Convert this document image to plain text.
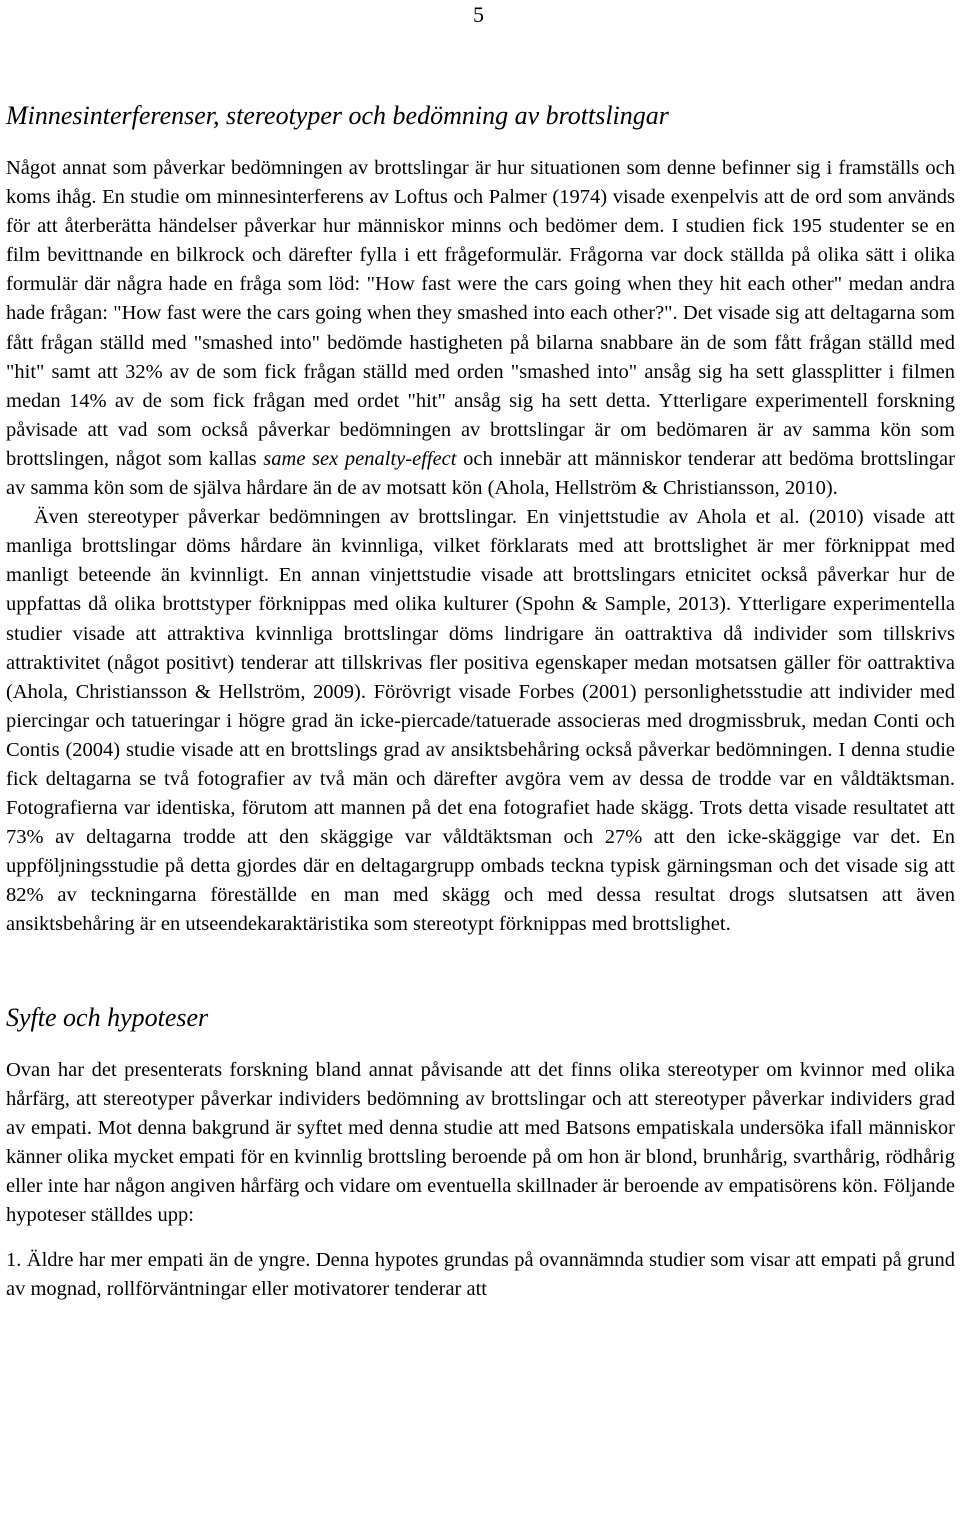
5
Minnesinterferenser, stereotyper och bedömning av brottslingar

Något annat som påverkar bedömningen av brottslingar är hur situationen som denne befinner sig i framställs och koms ihåg. En studie om minnesinterferens av Loftus och Palmer (1974) visade exenpelvis att de ord som används för att återberätta händelser påverkar hur människor minns och bedömer dem. I studien fick 195 studenter se en film bevittnande en bilkrock och därefter fylla i ett frågeformulär. Frågorna var dock ställda på olika sätt i olika formulär där några hade en fråga som löd: "How fast were the cars going when they hit each other" medan andra hade frågan: "How fast were the cars going when they smashed into each other?". Det visade sig att deltagarna som fått frågan ställd med "smashed into" bedömde hastigheten på bilarna snabbare än de som fått frågan ställd med "hit" samt att 32% av de som fick frågan ställd med orden "smashed into" ansåg sig ha sett glassplitter i filmen medan 14% av de som fick frågan med ordet "hit" ansåg sig ha sett detta. Ytterligare experimentell forskning påvisade att vad som också påverkar bedömningen av brottslingar är om bedömaren är av samma kön som brottslingen, något som kallas same sex penalty-effect och innebär att människor tenderar att bedöma brottslingar av samma kön som de själva hårdare än de av motsatt kön (Ahola, Hellström & Christiansson, 2010).

Även stereotyper påverkar bedömningen av brottslingar. En vinjettstudie av Ahola et al. (2010) visade att manliga brottslingar döms hårdare än kvinnliga, vilket förklarats med att brottslighet är mer förknippat med manligt beteende än kvinnligt. En annan vinjettstudie visade att brottslingars etnicitet också påverkar hur de uppfattas då olika brottstyper förknippas med olika kulturer (Spohn & Sample, 2013). Ytterligare experimentella studier visade att attraktiva kvinnliga brottslingar döms lindrigare än oattraktiva då individer som tillskrivs attraktivitet (något positivt) tenderar att tillskrivas fler positiva egenskaper medan motsatsen gäller för oattraktiva (Ahola, Christiansson & Hellström, 2009). Förövrigt visade Forbes (2001) personlighetsstudie att individer med piercingar och tatueringar i högre grad än icke-piercade/tatuerade associeras med drogmissbruk, medan Conti och Contis (2004) studie visade att en brottslings grad av ansiktsbehåring också påverkar bedömningen. I denna studie fick deltagarna se två fotografier av två män och därefter avgöra vem av dessa de trodde var en våldtäktsman. Fotografierna var identiska, förutom att mannen på det ena fotografiet hade skägg. Trots detta visade resultatet att 73% av deltagarna trodde att den skäggige var våldtäktsman och 27% att den icke-skäggige var det. En uppföljningsstudie på detta gjordes där en deltagargrupp ombads teckna typisk gärningsman och det visade sig att 82% av teckningarna föreställde en man med skägg och med dessa resultat drogs slutsatsen att även ansiktsbehåring är en utseendekaraktäristika som stereotypt förknippas med brottslighet.

Syfte och hypoteser

Ovan har det presenterats forskning bland annat påvisande att det finns olika stereotyper om kvinnor med olika hårfärg, att stereotyper påverkar individers bedömning av brottslingar och att stereotyper påverkar individers grad av empati. Mot denna bakgrund är syftet med denna studie att med Batsons empatiskala undersöka ifall människor känner olika mycket empati för en kvinnlig brottsling beroende på om hon är blond, brunhårig, svarthårig, rödhårig eller inte har någon angiven hårfärg och vidare om eventuella skillnader är beroende av empatisörens kön. Följande hypoteser ställdes upp:

1. Äldre har mer empati än de yngre. Denna hypotes grundas på ovannämnda studier som visar att empati på grund av mognad, rollförväntningar eller motivatorer tenderar att
